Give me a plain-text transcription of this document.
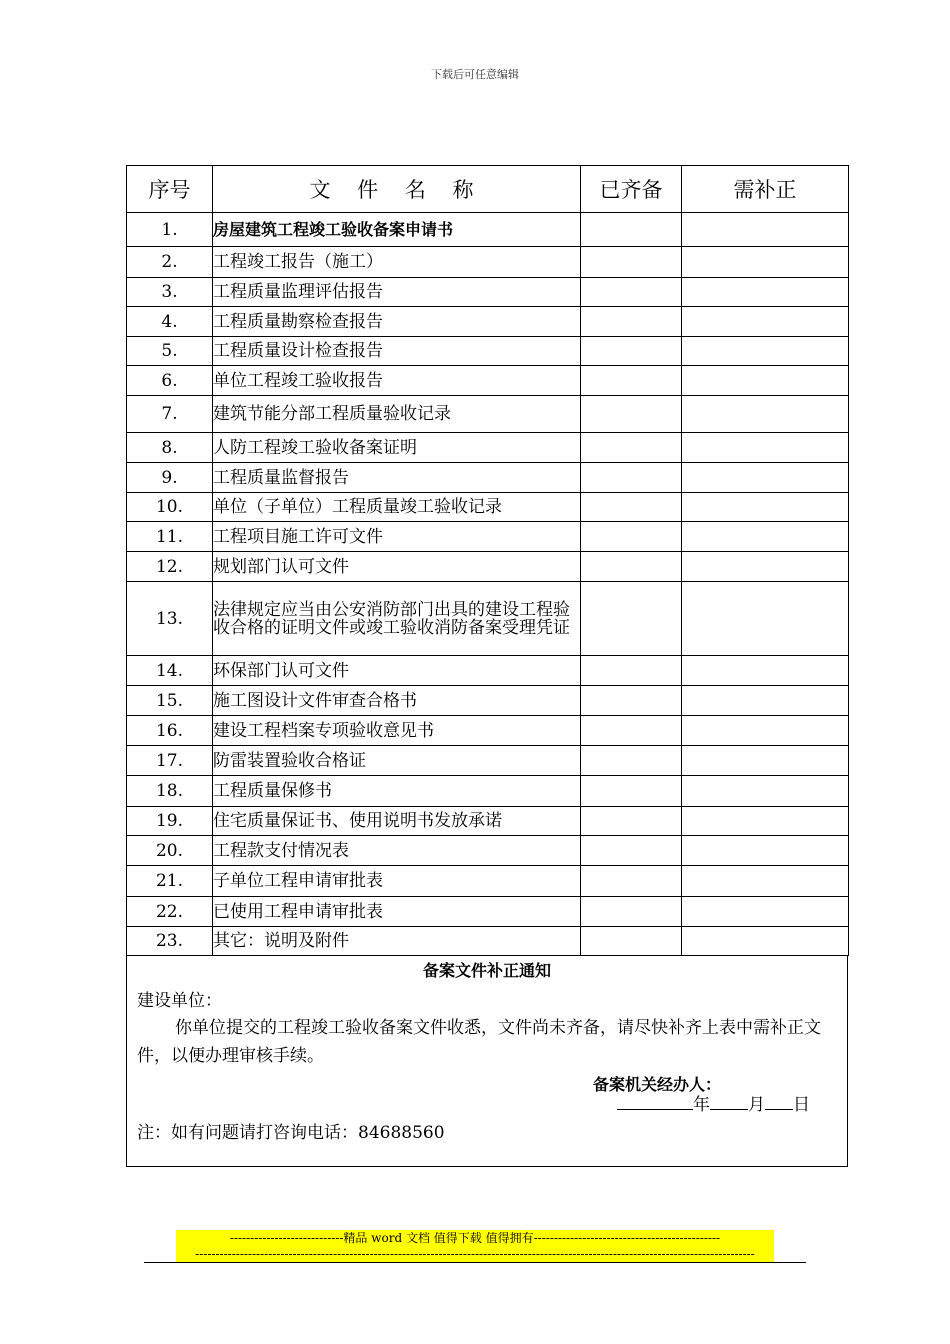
下载后可任意编辑
序号	文 件 名 称	已齐备	需补正
1.	房屋建筑工程竣工验收备案申请书		
2.	工程竣工报告（施工）		
3.	工程质量监理评估报告		
4.	工程质量勘察检查报告		
5.	工程质量设计检查报告		
6.	单位工程竣工验收报告		
7.	建筑节能分部工程质量验收记录		
8.	人防工程竣工验收备案证明		
9.	工程质量监督报告		
10.	单位（子单位）工程质量竣工验收记录		
11.	工程项目施工许可文件		
12.	规划部门认可文件		
13.	法律规定应当由公安消防部门出具的建设工程验收合格的证明文件或竣工验收消防备案受理凭证		
14.	环保部门认可文件		
15.	施工图设计文件审查合格书		
16.	建设工程档案专项验收意见书		
17.	防雷装置验收合格证		
18.	工程质量保修书		
19.	住宅质量保证书、使用说明书发放承诺		
20.	工程款支付情况表		
21.	子单位工程申请审批表		
22.	已使用工程申请审批表		
23.	其它：说明及附件		
备案文件补正通知
建设单位：
你单位提交的工程竣工验收备案文件收悉，文件尚未齐备，请尽快补齐上表中需补正文件，以便办理审核手续。
备案机关经办人：
年 月 日
注：如有问题请打咨询电话：84688560
----------------------------精品 word 文档 值得下载 值得拥有----------------------------------------------
------------------------------------------------------------------------------------------------------------------------------------------
